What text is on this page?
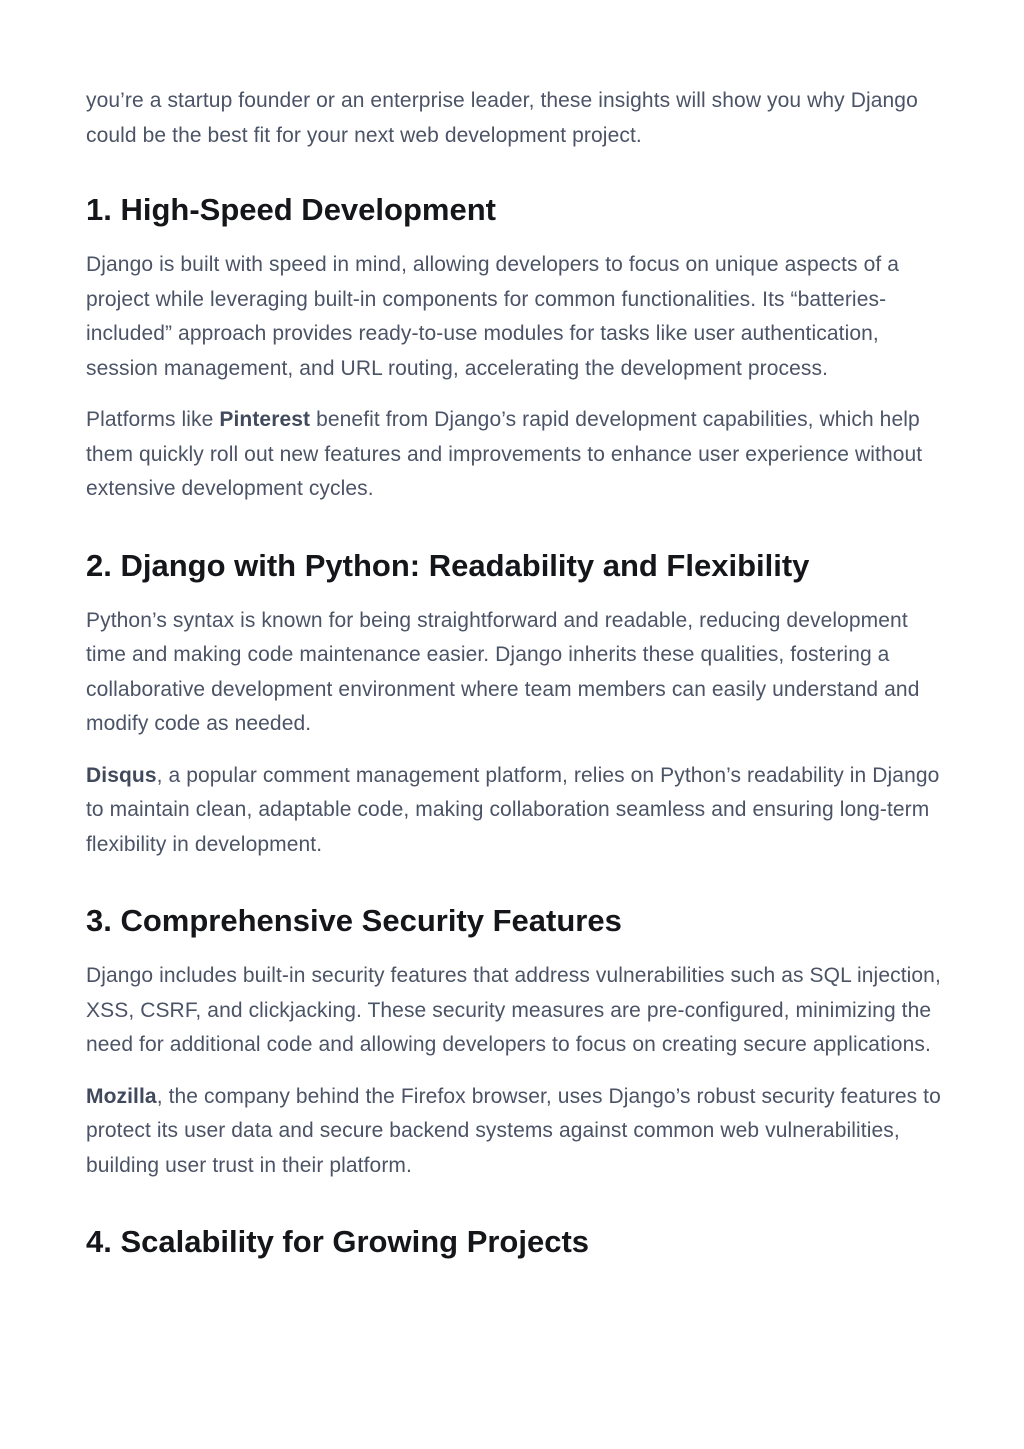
you’re a startup founder or an enterprise leader, these insights will show you why Django could be the best fit for your next web development project.

1. High-Speed Development

Django is built with speed in mind, allowing developers to focus on unique aspects of a project while leveraging built-in components for common functionalities. Its “batteries-included” approach provides ready-to-use modules for tasks like user authentication, session management, and URL routing, accelerating the development process.

Platforms like Pinterest benefit from Django’s rapid development capabilities, which help them quickly roll out new features and improvements to enhance user experience without extensive development cycles.

2. Django with Python: Readability and Flexibility

Python’s syntax is known for being straightforward and readable, reducing development time and making code maintenance easier. Django inherits these qualities, fostering a collaborative development environment where team members can easily understand and modify code as needed.

Disqus, a popular comment management platform, relies on Python’s readability in Django to maintain clean, adaptable code, making collaboration seamless and ensuring long-term flexibility in development.

3. Comprehensive Security Features

Django includes built-in security features that address vulnerabilities such as SQL injection, XSS, CSRF, and clickjacking. These security measures are pre-configured, minimizing the need for additional code and allowing developers to focus on creating secure applications.

Mozilla, the company behind the Firefox browser, uses Django’s robust security features to protect its user data and secure backend systems against common web vulnerabilities, building user trust in their platform.

4. Scalability for Growing Projects
